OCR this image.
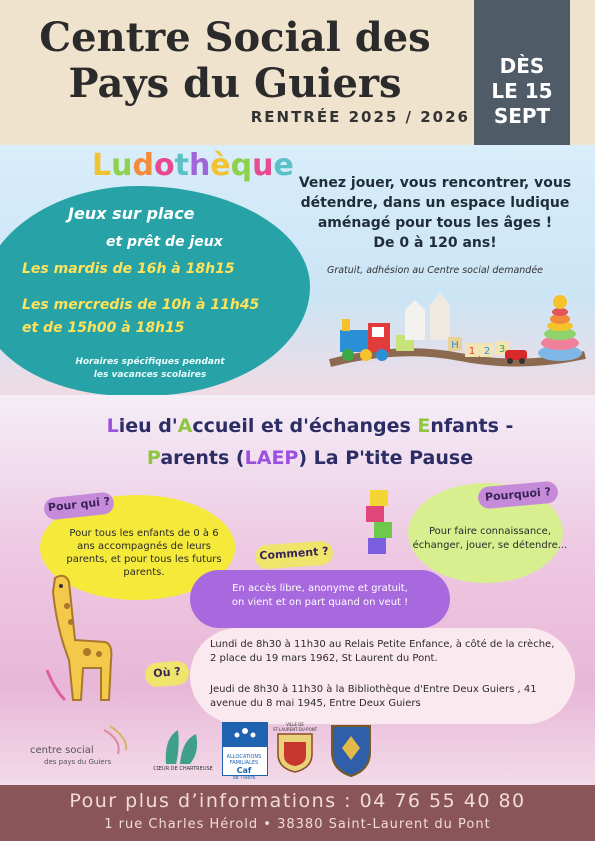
Centre Social des
Pays du Guiers
RENTRÉE 2025 / 2026
DÈS
LE 15
SEPT
Ludothèque
Jeux sur place
et prêt de jeux
Les mardis de 16h à 18h15
Les mercredis de 10h à 11h45
et de 15h00 à 18h15
Horaires spécifiques pendant
les vacances scolaires
Venez jouer, vous rencontrer, vous
détendre, dans un espace ludique
aménagé pour tous les âges !
De 0 à 120 ans!
Gratuit, adhésion au Centre social demandée
H
1 2 3
Lieu d'Accueil et d'échanges Enfants -
Parents (LAEP) La P'tite Pause
Pour qui ?
Pour tous les enfants de 0 à 6 ans accompagnés de leurs parents, et pour tous les futurs parents.
Pourquoi ?
Pour faire connaissance, échanger, jouer, se détendre...
Comment ?
En accès libre, anonyme et gratuit,
on vient et on part quand on veut !
Où ?
Lundi de 8h30 à 11h30 au Relais Petite Enfance, à côté de la crèche, 2 place du 19 mars 1962, St Laurent du Pont.
Jeudi de 8h30 à 11h30 à la Bibliothèque d'Entre Deux Guiers , 41 avenue du 8 mai 1945, Entre Deux Guiers
centre social
des pays du Guiers
CŒUR DE CHARTREUSE
ALLOCATIONS
FAMILIALES
Caf
de l'Isère
VILLE DE
ST-LAURENT-DU-PONT
Pour plus d’informations : 04 76 55 40 80
1 rue Charles Hérold • 38380 Saint-Laurent du Pont
